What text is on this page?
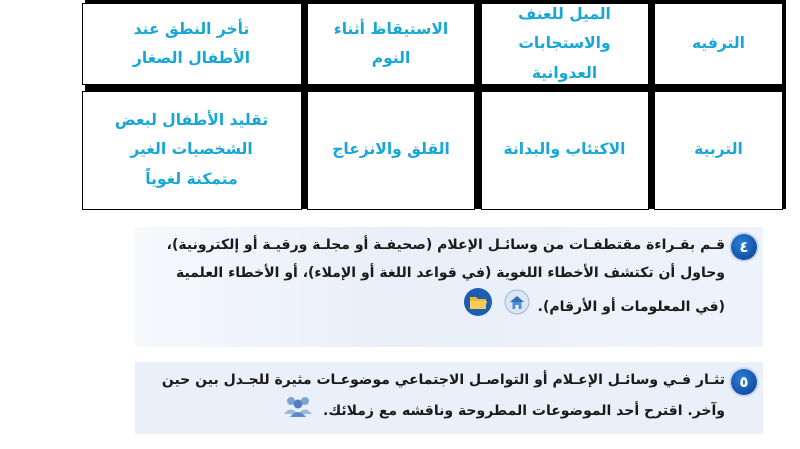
الترفيه
الميل للعنف
والاستجابات العدوانية
الاستيقاظ أثناء النوم
تأخر النطق عند
الأطفال الصغار
التربية
الاكتئاب والبدانة
القلق والانزعاج
تقليد الأطفال لبعض
الشخصيات الغير
متمكنة لغوياً
٤
قـم بقـراءة مقتطفـات من وسائـل الإعلام (صحيفـة أو مجلـة ورقيـة أو إلكترونية)،
وحاول أن تكتشف الأخطاء اللغوية (في قواعد اللغة أو الإملاء)، أو الأخطاء العلمية
(في المعلومات أو الأرقام).
٥
تثـار فـي وسائـل الإعـلام أو التواصـل الاجتماعي موضوعـات مثيرة للجـدل بين حين
وآخر. اقترح أحد الموضوعات المطروحة وناقشه مع زملائك.
